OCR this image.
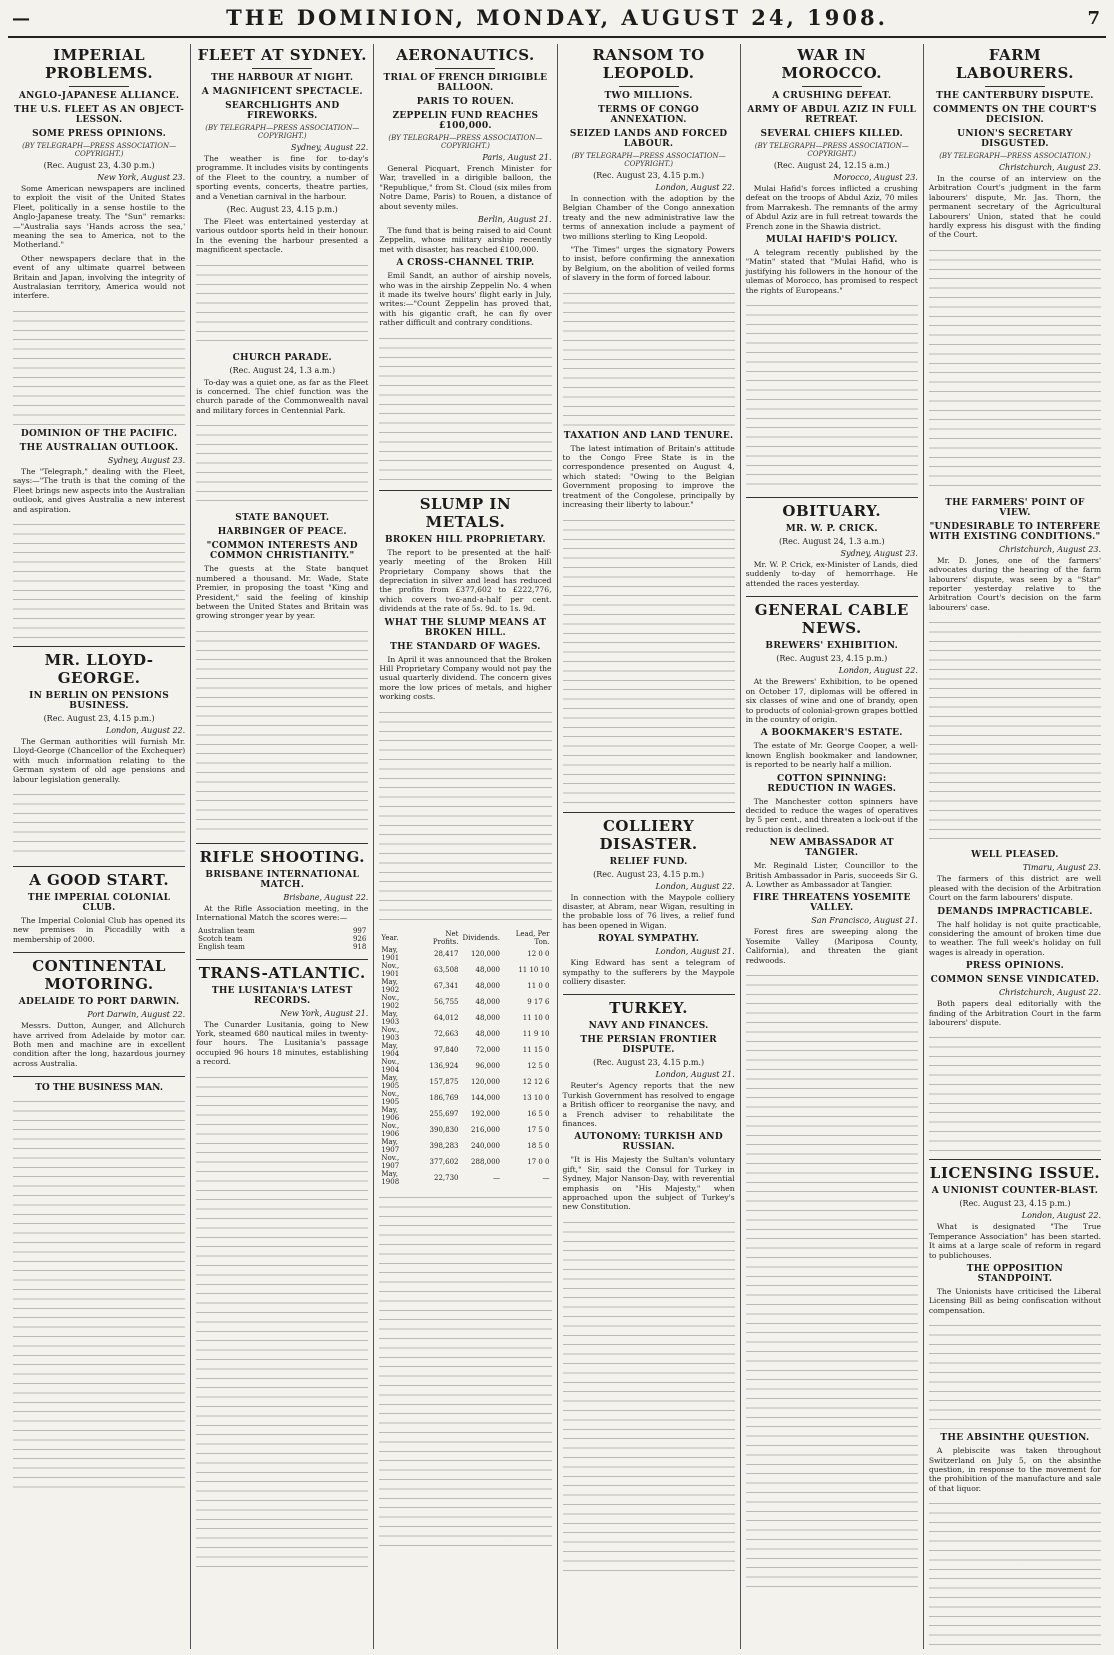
—	THE DOMINION, MONDAY, AUGUST 24, 1908.	7
IMPERIAL PROBLEMS.
ANGLO-JAPANESE ALLIANCE.
THE U.S. FLEET AS AN OBJECT-LESSON.
SOME PRESS OPINIONS.
(BY TELEGRAPH—PRESS ASSOCIATION—COPYRIGHT.)
(Rec. August 23, 4.30 p.m.)
New York, August 23.

Some American newspapers are inclined to exploit the visit of the United States Fleet, politically in a sense hostile to the Anglo-Japanese treaty. The "Sun" remarks:—"Australia says 'Hands across the sea,' meaning the sea to America, not to the Motherland."

Other newspapers declare that in the event of any ultimate quarrel between Britain and Japan, involving the integrity of Australasian territory, America would not interfere.

DOMINION OF THE PACIFIC.
THE AUSTRALIAN OUTLOOK.
Sydney, August 23.

The "Telegraph," dealing with the Fleet, says:—"The truth is that the coming of the Fleet brings new aspects into the Australian outlook, and gives Australia a new interest and aspiration.

MR. LLOYD-GEORGE.
IN BERLIN ON PENSIONS BUSINESS.
(Rec. August 23, 4.15 p.m.)
London, August 22.

The German authorities will furnish Mr. Lloyd-George (Chancellor of the Exchequer) with much information relating to the German system of old age pensions and labour legislation generally.

A GOOD START.
THE IMPERIAL COLONIAL CLUB.

The Imperial Colonial Club has opened its new premises in Piccadilly with a membership of 2000.

CONTINENTAL MOTORING.
ADELAIDE TO PORT DARWIN.
Port Darwin, August 22.

Messrs. Dutton, Aunger, and Allchurch have arrived from Adelaide by motor car. Both men and machine are in excellent condition after the long, hazardous journey across Australia.

TO THE BUSINESS MAN.
FLEET AT SYDNEY.
THE HARBOUR AT NIGHT.
A MAGNIFICENT SPECTACLE.
SEARCHLIGHTS AND FIREWORKS.
(BY TELEGRAPH—PRESS ASSOCIATION—COPYRIGHT.)
Sydney, August 22.

The weather is fine for to-day's programme. It includes visits by contingents of the Fleet to the country, a number of sporting events, concerts, theatre parties, and a Venetian carnival in the harbour.

(Rec. August 23, 4.15 p.m.)

The Fleet was entertained yesterday at various outdoor sports held in their honour. In the evening the harbour presented a magnificent spectacle.

CHURCH PARADE.
(Rec. August 24, 1.3 a.m.)

To-day was a quiet one, as far as the Fleet is concerned. The chief function was the church parade of the Commonwealth naval and military forces in Centennial Park.

STATE BANQUET.
HARBINGER OF PEACE.
"COMMON INTERESTS AND COMMON CHRISTIANITY."

The guests at the State banquet numbered a thousand. Mr. Wade, State Premier, in proposing the toast "King and President," said the feeling of kinship between the United States and Britain was growing stronger year by year.

RIFLE SHOOTING.
BRISBANE INTERNATIONAL MATCH.
Brisbane, August 22.

At the Rifle Association meeting, in the International Match the scores were:—

Australian team	997
Scotch team	926
English team	918
TRANS-ATLANTIC.
THE LUSITANIA'S LATEST RECORDS.
New York, August 21.

The Cunarder Lusitania, going to New York, steamed 680 nautical miles in twenty-four hours. The Lusitania's passage occupied 96 hours 18 minutes, establishing a record.

AERONAUTICS.
TRIAL OF FRENCH DIRIGIBLE BALLOON.
PARIS TO ROUEN.
ZEPPELIN FUND REACHES £100,000.
(BY TELEGRAPH—PRESS ASSOCIATION—COPYRIGHT.)
Paris, August 21.

General Picquart, French Minister for War, travelled in a dirigible balloon, the "Republique," from St. Cloud (six miles from Notre Dame, Paris) to Rouen, a distance of about seventy miles.

Berlin, August 21.

The fund that is being raised to aid Count Zeppelin, whose military airship recently met with disaster, has reached £100,000.

A CROSS-CHANNEL TRIP.

Emil Sandt, an author of airship novels, who was in the airship Zeppelin No. 4 when it made its twelve hours' flight early in July, writes:—"Count Zeppelin has proved that, with his gigantic craft, he can fly over rather difficult and contrary conditions.

SLUMP IN METALS.
BROKEN HILL PROPRIETARY.

The report to be presented at the half-yearly meeting of the Broken Hill Proprietary Company shows that the depreciation in silver and lead has reduced the profits from £377,602 to £222,776, which covers two-and-a-half per cent. dividends at the rate of 5s. 9d. to 1s. 9d.

WHAT THE SLUMP MEANS AT BROKEN HILL.
THE STANDARD OF WAGES.

In April it was announced that the Broken Hill Proprietary Company would not pay the usual quarterly dividend. The concern gives more the low prices of metals, and higher working costs.

Year.	Net Profits.	Dividends.	Lead, Per Ton.
May, 1901	28,417	120,000	12 0 0
Nov., 1901	63,508	48,000	11 10 10
May, 1902	67,341	48,000	11 0 0
Nov., 1902	56,755	48,000	9 17 6
May, 1903	64,012	48,000	11 10 0
Nov., 1903	72,663	48,000	11 9 10
May, 1904	97,840	72,000	11 15 0
Nov., 1904	136,924	96,000	12 5 0
May, 1905	157,875	120,000	12 12 6
Nov., 1905	186,769	144,000	13 10 0
May, 1906	255,697	192,000	16 5 0
Nov., 1906	390,830	216,000	17 5 0
May, 1907	398,283	240,000	18 5 0
Nov., 1907	377,602	288,000	17 0 0
May, 1908	22,730	—	—
RANSOM TO LEOPOLD.
TWO MILLIONS.
TERMS OF CONGO ANNEXATION.
SEIZED LANDS AND FORCED LABOUR.
(BY TELEGRAPH—PRESS ASSOCIATION—COPYRIGHT.)
(Rec. August 23, 4.15 p.m.)
London, August 22.

In connection with the adoption by the Belgian Chamber of the Congo annexation treaty and the new administrative law the terms of annexation include a payment of two millions sterling to King Leopold.

"The Times" urges the signatory Powers to insist, before confirming the annexation by Belgium, on the abolition of veiled forms of slavery in the form of forced labour.

TAXATION AND LAND TENURE.

The latest intimation of Britain's attitude to the Congo Free State is in the correspondence presented on August 4, which stated: "Owing to the Belgian Government proposing to improve the treatment of the Congolese, principally by increasing their liberty to labour."

COLLIERY DISASTER.
RELIEF FUND.
(Rec. August 23, 4.15 p.m.)
London, August 22.

In connection with the Maypole colliery disaster, at Abram, near Wigan, resulting in the probable loss of 76 lives, a relief fund has been opened in Wigan.

ROYAL SYMPATHY.
London, August 21.

King Edward has sent a telegram of sympathy to the sufferers by the Maypole colliery disaster.

TURKEY.
NAVY AND FINANCES.
THE PERSIAN FRONTIER DISPUTE.
(Rec. August 23, 4.15 p.m.)
London, August 21.

Reuter's Agency reports that the new Turkish Government has resolved to engage a British officer to reorganise the navy, and a French adviser to rehabilitate the finances.

AUTONOMY: TURKISH AND RUSSIAN.

"It is His Majesty the Sultan's voluntary gift," Sir, said the Consul for Turkey in Sydney, Major Nanson-Day, with reverential emphasis on "His Majesty," when approached upon the subject of Turkey's new Constitution.

WAR IN MOROCCO.
A CRUSHING DEFEAT.
ARMY OF ABDUL AZIZ IN FULL RETREAT.
SEVERAL CHIEFS KILLED.
(BY TELEGRAPH—PRESS ASSOCIATION—COPYRIGHT.)
(Rec. August 24, 12.15 a.m.)
Morocco, August 23.

Mulai Hafid's forces inflicted a crushing defeat on the troops of Abdul Aziz, 70 miles from Marrakesh. The remnants of the army of Abdul Aziz are in full retreat towards the French zone in the Shawia district.

MULAI HAFID'S POLICY.

A telegram recently published by the "Matin" stated that "Mulai Hafid, who is justifying his followers in the honour of the ulemas of Morocco, has promised to respect the rights of Europeans."

OBITUARY.
MR. W. P. CRICK.
(Rec. August 24, 1.3 a.m.)
Sydney, August 23.

Mr. W. P. Crick, ex-Minister of Lands, died suddenly to-day of hemorrhage. He attended the races yesterday.

GENERAL CABLE NEWS.
BREWERS' EXHIBITION.
(Rec. August 23, 4.15 p.m.)
London, August 22.

At the Brewers' Exhibition, to be opened on October 17, diplomas will be offered in six classes of wine and one of brandy, open to products of colonial-grown grapes bottled in the country of origin.

A BOOKMAKER'S ESTATE.

The estate of Mr. George Cooper, a well-known English bookmaker and landowner, is reported to be nearly half a million.

COTTON SPINNING: REDUCTION IN WAGES.

The Manchester cotton spinners have decided to reduce the wages of operatives by 5 per cent., and threaten a lock-out if the reduction is declined.

NEW AMBASSADOR AT TANGIER.

Mr. Reginald Lister, Councillor to the British Ambassador in Paris, succeeds Sir G. A. Lowther as Ambassador at Tangier.

FIRE THREATENS YOSEMITE VALLEY.
San Francisco, August 21.

Forest fires are sweeping along the Yosemite Valley (Mariposa County, California), and threaten the giant redwoods.

FARM LABOURERS.
THE CANTERBURY DISPUTE.
COMMENTS ON THE COURT'S DECISION.
UNION'S SECRETARY DISGUSTED.
(BY TELEGRAPH—PRESS ASSOCIATION.)
Christchurch, August 23.

In the course of an interview on the Arbitration Court's judgment in the farm labourers' dispute, Mr. Jas. Thorn, the permanent secretary of the Agricultural Labourers' Union, stated that he could hardly express his disgust with the finding of the Court.

THE FARMERS' POINT OF VIEW.
"UNDESIRABLE TO INTERFERE WITH EXISTING CONDITIONS."
Christchurch, August 23.

Mr. D. Jones, one of the farmers' advocates during the hearing of the farm labourers' dispute, was seen by a "Star" reporter yesterday relative to the Arbitration Court's decision on the farm labourers' case.

WELL PLEASED.
Timaru, August 23.

The farmers of this district are well pleased with the decision of the Arbitration Court on the farm labourers' dispute.

DEMANDS IMPRACTICABLE.

The half holiday is not quite practicable, considering the amount of broken time due to weather. The full week's holiday on full wages is already in operation.

PRESS OPINIONS.
COMMON SENSE VINDICATED.
Christchurch, August 22.

Both papers deal editorially with the finding of the Arbitration Court in the farm labourers' dispute.

LICENSING ISSUE.
A UNIONIST COUNTER-BLAST.
(Rec. August 23, 4.15 p.m.)
London, August 22.

What is designated "The True Temperance Association" has been started. It aims at a large scale of reform in regard to publichouses.

THE OPPOSITION STANDPOINT.

The Unionists have criticised the Liberal Licensing Bill as being confiscation without compensation.

THE ABSINTHE QUESTION.

A plebiscite was taken throughout Switzerland on July 5, on the absinthe question, in response to the movement for the prohibition of the manufacture and sale of that liquor.
